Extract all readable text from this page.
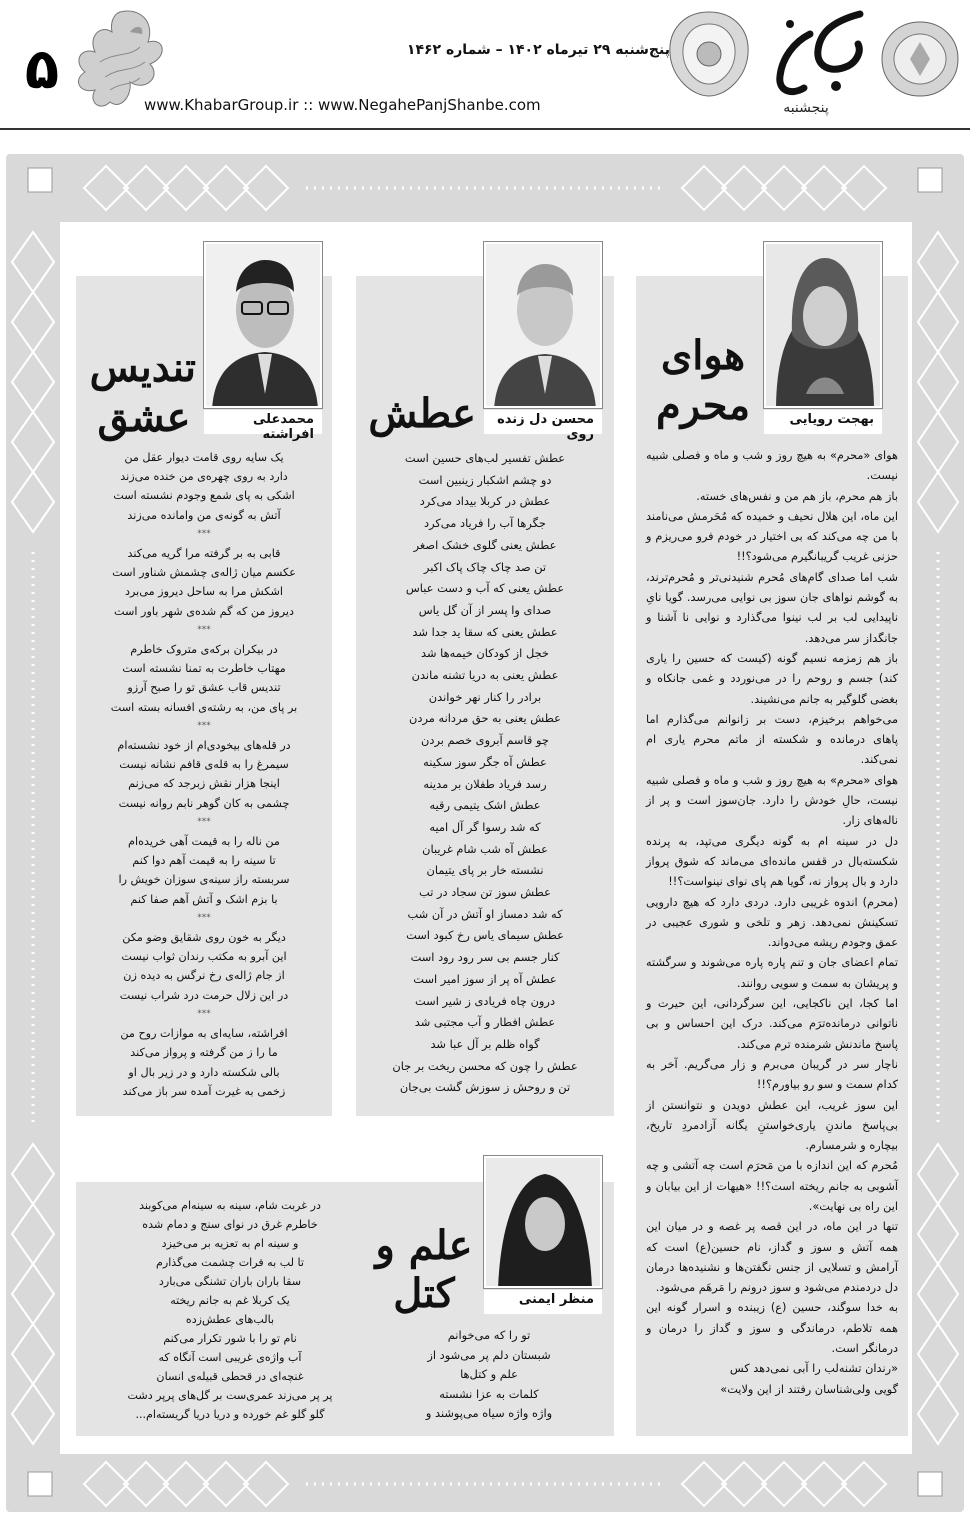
۵
پنجشنبه
پنج‌شنبه ۲۹ تیرماه ۱۴۰۲ – شماره ۱۴۶۲
www.KhabarGroup.ir :: www.NegahePanjShanbe.com
بهجت رویایی
هوای
محرم

هوای «محرم» به هیچ روز و شب و ماه و فصلی شبیه نیست.

باز هم محرم، باز هم من و نفس‌های خسته.

این ماه، این هلال نحیف و خمیده که مُحَرمش می‌نامند با من چه می‌کند که بی اختیار در خودم فرو می‌ریزم و حزنی غریب گریبانگیرم می‌شود؟!!

شب اما صدای گام‌های مُحرم شنیدنی‌تر و مُحرم‌ترند، به گوشم نواهای جان سوز بی نوایی می‌رسد. گویا نایِ ناپیدایی لب بر لب نینوا می‌گذارد و نوایی نا آشنا و جانگداز سر می‌دهد.

باز هم زمزمه نسیم گونه (کیست که حسین را یاری کند) جسم و روحم را در می‌نوردد و غمی جانکاه و بغضی گلوگیر به جانم می‌نشیند.

می‌خواهم برخیزم، دست بر زانوانم می‌گذارم اما پاهای درمانده و شکسته از ماتم محرم یاری ام نمی‌کند.

هوای «محرم» به هیچ روز و شب و ماه و فصلی شبیه نیست، حالِ خودش را دارد. جان‌سوز است و پر از ناله‌های زار.

دل در سینه ام به گونه دیگری می‌تپد، به پرنده شکسته‌بال در قفس مانده‌ای می‌ماند که شوق پرواز دارد و بال پرواز نه، گویا هم پای نوای نینواست؟!!

(محرم) اندوه غریبی دارد. دردی دارد که هیچ دارویی تسکینش نمی‌دهد. زهر و تلخی و شوری عجیبی در عمق وجودم ریشه می‌دواند.

تمام اعضای جان و تنم پاره پاره می‌شوند و سرگشته و پریشان به سمت و سویی روانند.

اما کجا، این ناکجایی، این سرگردانی، این حیرت و ناتوانی درمانده‌ترَم می‌کند. درک این احساس و بی پاسخ ماندنش شرمنده ترم می‌کند.

ناچار سر در گریبان می‌برم و زار می‌گریم. آخر به کدام سمت و سو رو بیاورم؟!!

این سوز غریب، این عطش دویدن و نتوانستن از بی‌پاسخ ماندنِ یاری‌خواستنِ یگانه آزادمردِ تاریخ، بیچاره و شرمسارم.

مُحرم که این اندازه با من مَحرَم است چه آتشی و چه آشوبی به جانم ریخته است؟!! «هیهات از این بیابان و این راه بی نهایت».

تنها در این ماه، در این قصه پر غصه و در میان این همه آتش و سوز و گداز، نام حسین(ع) است که آرامش و تسلایی از جنس نگفتن‌ها و نشنیده‌ها درمان دل دردمندم می‌شود و سوز درونم را مَرهَم می‌شود.

به خدا سوگند، حسین (ع) زیبنده و اسرار گونه این همه تلاطم، درماندگی و سوز و گداز را درمان و درمانگر است.

«رندان تشنه‌لب را آبی نمی‌دهد کس

گویی ولی‌شناسان رفتند از این ولایت»

محسن دل زنده روی
عطش
عطش تفسیر لب‌های حسین است
دو چشم اشکبار زینبین است
عطش در کربلا بیداد می‌کرد
جگرها آب را فریاد می‌کرد
عطش یعنی گلوی خشک اصغر
تن صد چاک چاک پاک اکبر
عطش یعنی که آب و دست عباس
صدای وا پسر از آن گل یاس
عطش یعنی که سقا ید جدا شد
خجل از کودکان خیمه‌ها شد
عطش یعنی به دریا تشنه ماندن
برادر را کنار نهر خواندن
عطش یعنی به حق مردانه مردن
چو قاسم آبروی خصم بردن
عطش آه جگر سوز سکینه
رسد فریاد طفلان بر مدینه
عطش اشک یتیمی رقیه
که شد رسوا گر آل امیه
عطش آه شب شام غریبان
نشسته خار بر پای یتیمان
عطش سوز تن سجاد در تب
که شد دمساز او آتش در آن شب
عطش سیمای یاس رخ کبود است
کنار جسم بی سر رود رود است
عطش آه پر از سوز امیر است
درون چاه فریادی ز شیر است
عطش افطار و آب مجتبی شد
گواه ظلم بر آل عبا شد
عطش را چون که محسن ریخت بر جان
تن و روحش ز سوزش گشت بی‌جان
محمدعلی افراشته
تندیس
عشق
یک سایه روی قامت دیوار عقل من
دارد به روی چهره‌ی من خنده می‌زند
اشکی به پای شمع وجودم نشسته است
آتش به گونه‌ی من وامانده می‌زند
***
قابی به بر گرفته مرا گریه می‌کند
عکسم میان ژاله‌ی چشمش شناور است
اشکش مرا به ساحل دیروز می‌برد
دیروز من که گم شده‌ی شهر باور است
***
در بیکران برکه‌ی متروک خاطرم
مهتاب خاطرت به تمنا نشسته است
تندیس قاب عشق تو را صبح آرزو
بر پای من، به رشته‌ی افسانه بسته است
***
در قله‌های بیخودی‌ام از خود نشسته‌ام
سیمرغ را به قله‌ی قافم نشانه نیست
اینجا هزار نقش زبرجد که می‌زنم
چشمی به کان گوهر نابم روانه نیست
***
من ناله را به قیمت آهی خریده‌ام
تا سینه را به قیمت آهم دوا کنم
سربسته راز سینه‌ی سوزان خویش را
با بزم اشک و آتش آهم صفا کنم
***
دیگر به خون روی شقایق وضو مکن
این آبرو به مکتب رندان ثواب نیست
از جام ژاله‌ی رخ نرگس به دیده زن
در این زلال حرمت درد شراب نیست
***
افراشته، سایه‌ای به موازات روح من
ما را ز من گرفته و پرواز می‌کند
بالی شکسته دارد و در زیر بال او
زخمی به غیرت آمده سر باز می‌کند
منظر ایمنی
علم و
کتل
تو را که می‌خوانم
شبستان دلم پر می‌شود از
علم و کتل‌ها
کلمات به عزا نشسته
واژه واژه سیاه می‌پوشند و
در غربت شام، سینه به سینه‌ام می‌کوبند
خاطرم غرق در نوای سنج و دمام شده
و سینه ام به تعزیه بر می‌خیزد
تا لب به فرات چشمت می‌گذارم
سقا باران باران تشنگی می‌بارد
یک کربلا غم به جانم ریخته
بالب‌های عطش‌زده
نام تو را با شور تکرار می‌کنم
آب واژه‌ی غریبی است آنگاه که
غنچه‌ای در قحطی قبیله‌ی انسان
پر پر می‌زند عمری‌ست بر گل‌های پرپر دشت
گلو گلو غم خورده و دریا دریا گریسته‌ام...
